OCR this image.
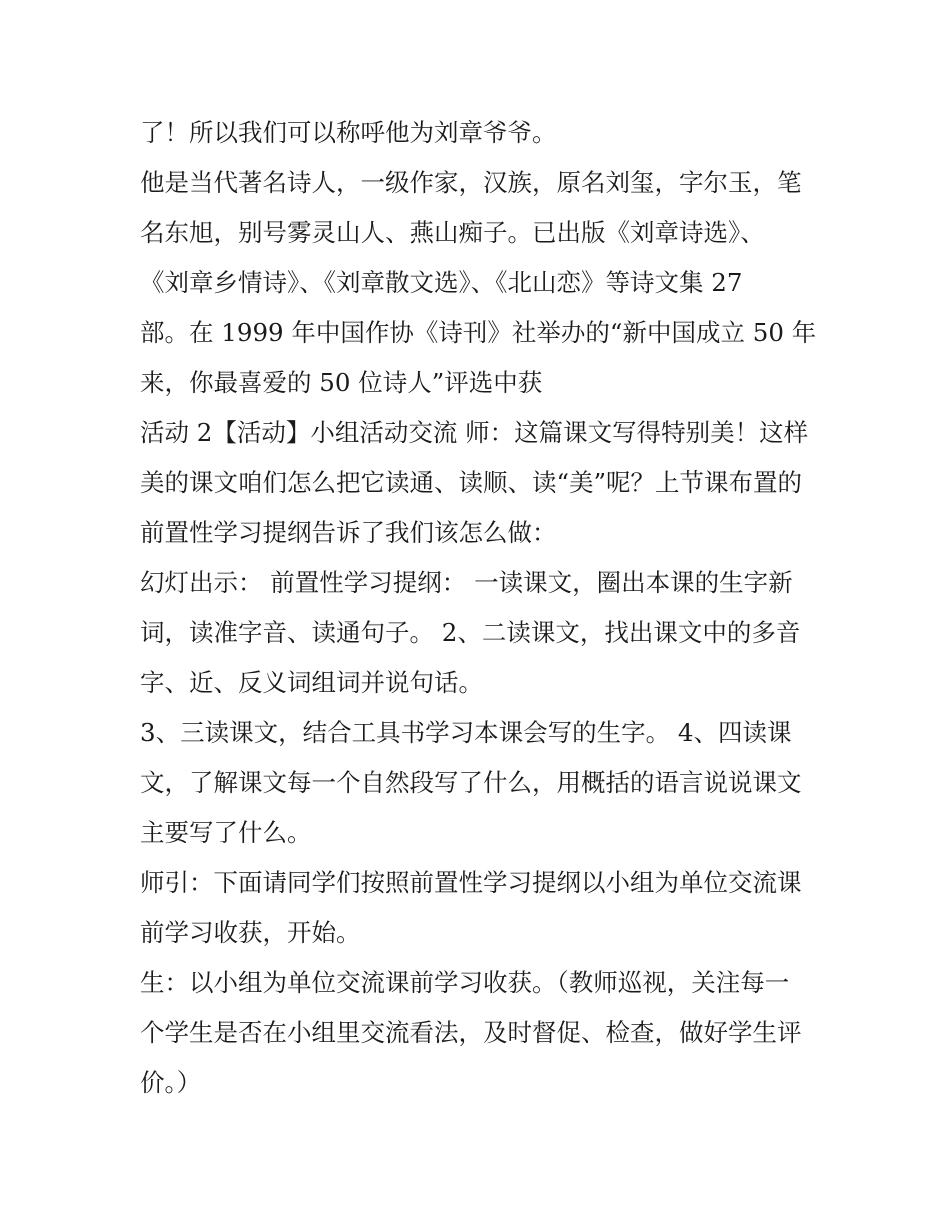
了！所以我们可以称呼他为刘章爷爷。
他是当代著名诗人，一级作家，汉族，原名刘玺，字尔玉，笔
名东旭，别号雾灵山人、燕山痴子。已出版《刘章诗选》、
《刘章乡情诗》、《刘章散文选》、《北山恋》等诗文集 27
部。在 1999 年中国作协《诗刊》社举办的“新中国成立 50 年
来，你最喜爱的 50 位诗人”评选中获
活动 2【活动】小组活动交流 师：这篇课文写得特别美！这样
美的课文咱们怎么把它读通、读顺、读“美”呢？上节课布置的
前置性学习提纲告诉了我们该怎么做：
幻灯出示： 前置性学习提纲： 一读课文，圈出本课的生字新
词，读准字音、读通句子。 2、二读课文，找出课文中的多音
字、近、反义词组词并说句话。
3、三读课文，结合工具书学习本课会写的生字。 4、四读课
文，了解课文每一个自然段写了什么，用概括的语言说说课文
主要写了什么。
师引：下面请同学们按照前置性学习提纲以小组为单位交流课
前学习收获，开始。
生：以小组为单位交流课前学习收获。（教师巡视，关注每一
个学生是否在小组里交流看法，及时督促、检查，做好学生评
价。）
